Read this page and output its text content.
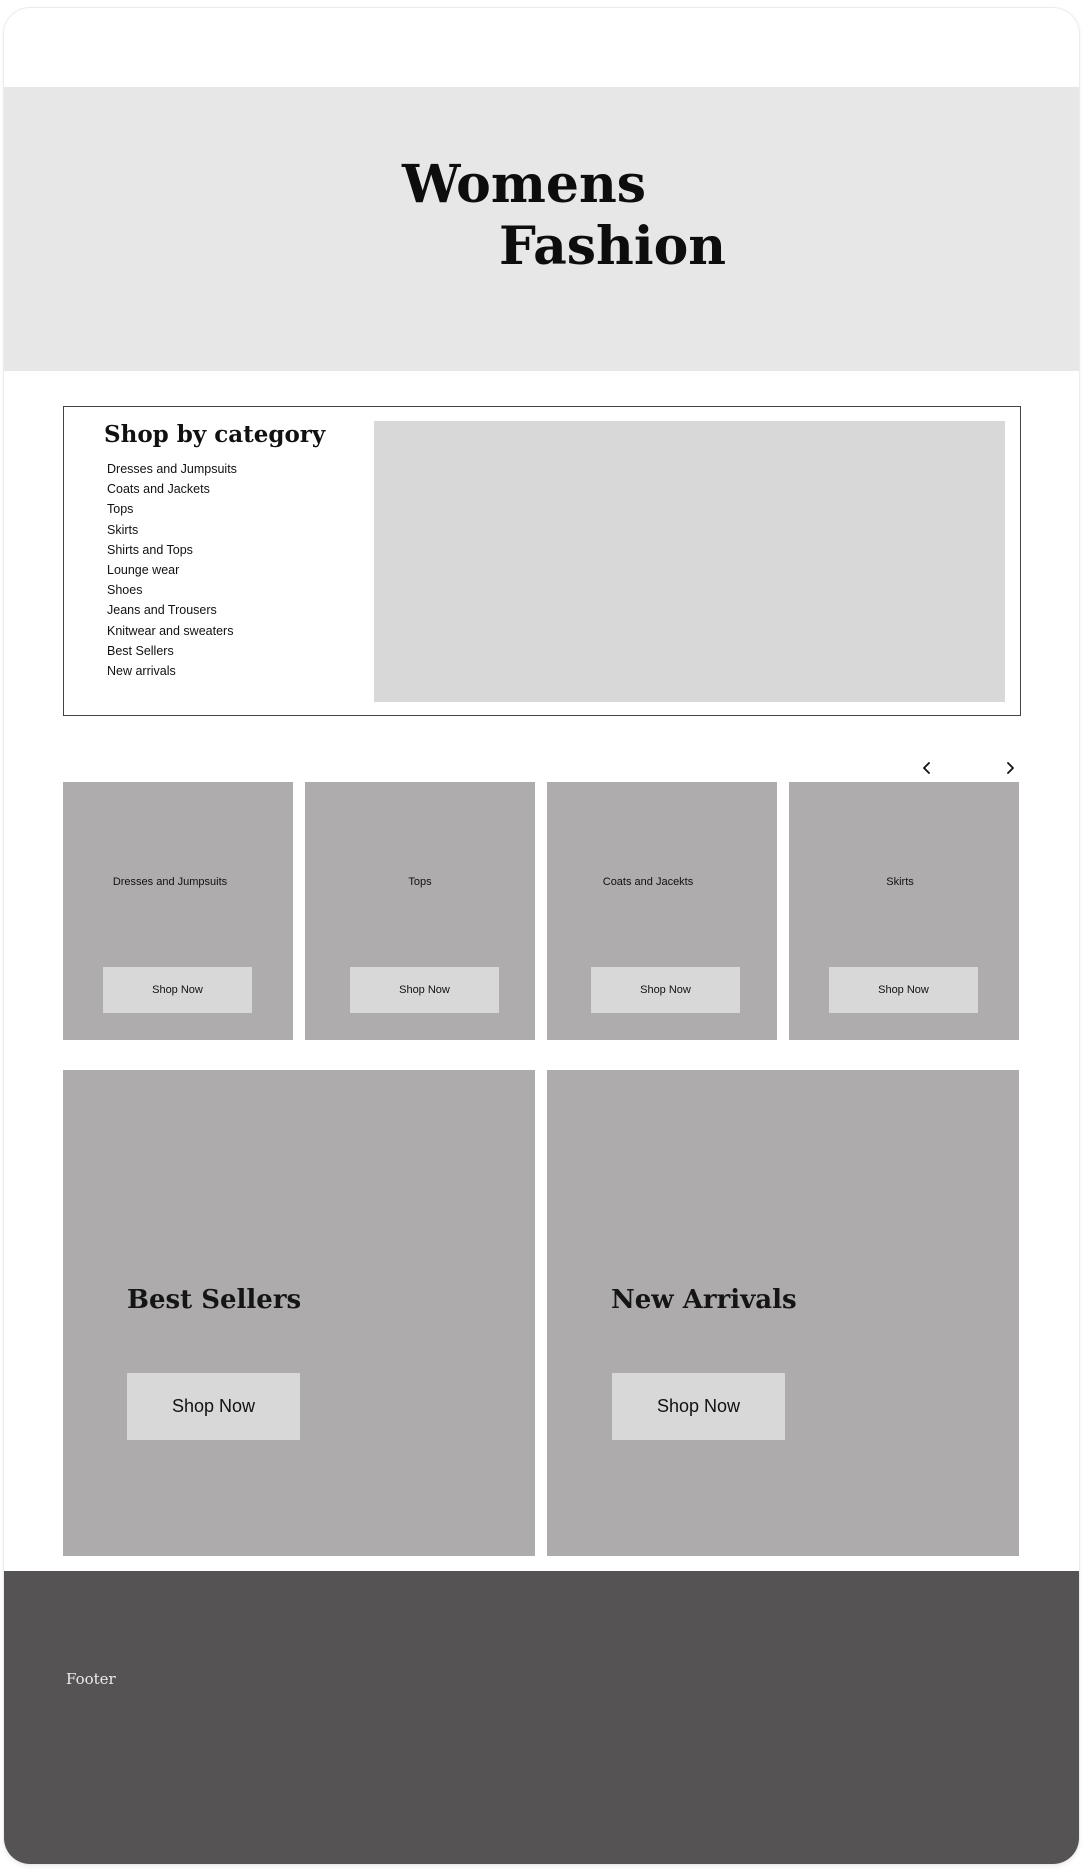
Womens
Fashion
Shop by category
Dresses and Jumpsuits
Coats and Jackets
Tops
Skirts
Shirts and Tops
Lounge wear
Shoes
Jeans and Trousers
Knitwear and sweaters
Best Sellers
New arrivals
Dresses and Jumpsuits
Shop Now
Tops
Shop Now
Coats and Jacekts
Shop Now
Skirts
Shop Now
Best Sellers
Shop Now
New Arrivals
Shop Now
Footer
